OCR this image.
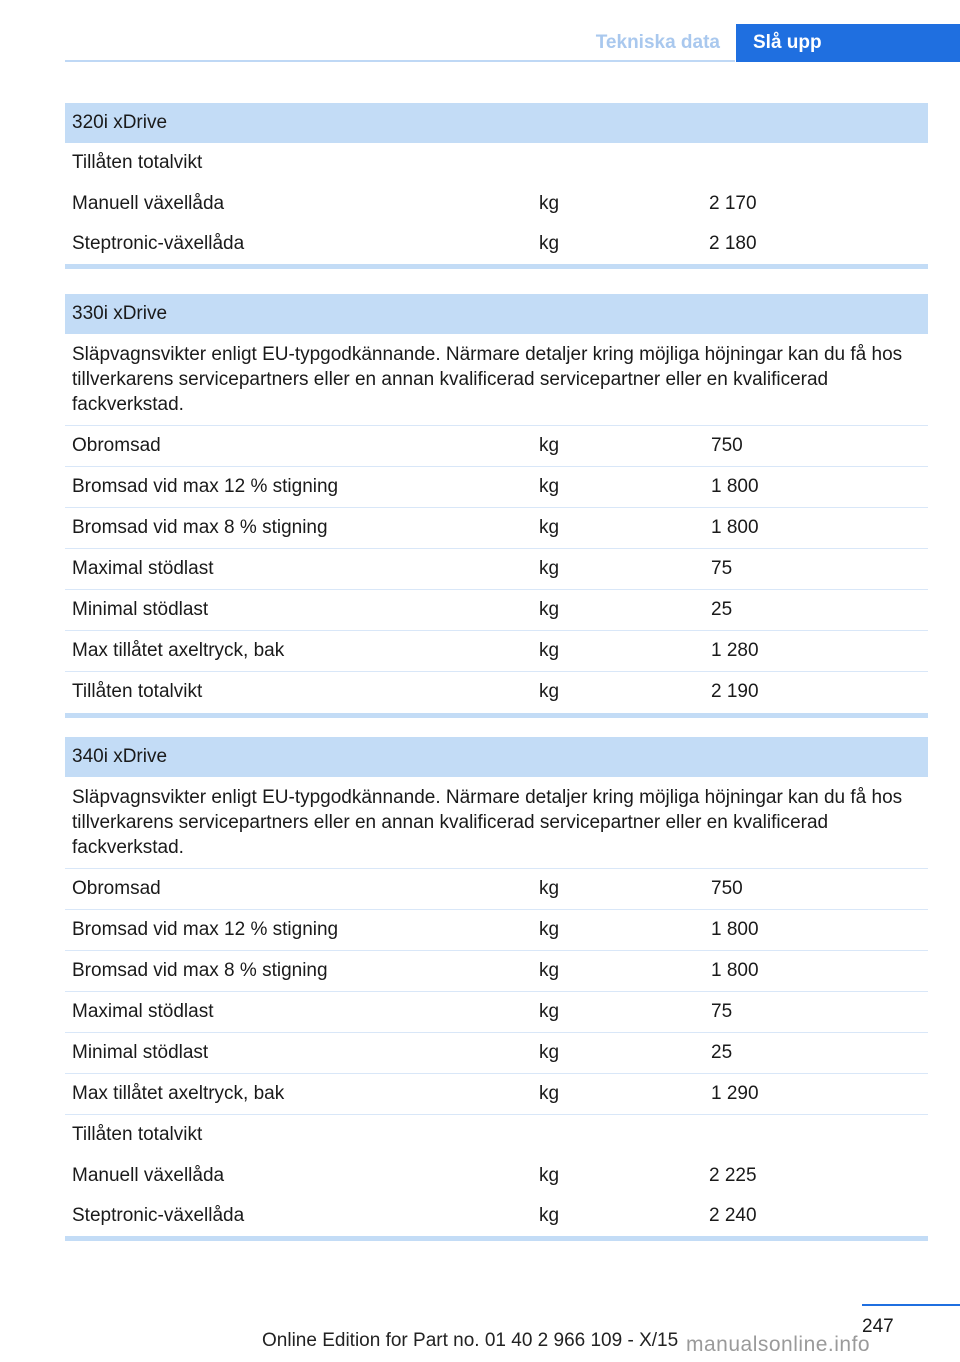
Tekniska data	Slå upp
320i xDrive
Tillåten totalvikt
Manuell växellåda	kg	2 170
Steptronic-växellåda	kg	2 180
330i xDrive
Släpvagnsvikter enligt EU-typgodkännande. Närmare detaljer kring möjliga höjningar kan du få hos tillverkarens servicepartners eller en annan kvalificerad servicepartner eller en kvalificerad fackverkstad.
Obromsad	kg	750
Bromsad vid max 12 % stigning	kg	1 800
Bromsad vid max 8 % stigning	kg	1 800
Maximal stödlast	kg	75
Minimal stödlast	kg	25
Max tillåtet axeltryck, bak	kg	1 280
Tillåten totalvikt	kg	2 190
340i xDrive
Släpvagnsvikter enligt EU-typgodkännande. Närmare detaljer kring möjliga höjningar kan du få hos tillverkarens servicepartners eller en annan kvalificerad servicepartner eller en kvalificerad fackverkstad.
Obromsad	kg	750
Bromsad vid max 12 % stigning	kg	1 800
Bromsad vid max 8 % stigning	kg	1 800
Maximal stödlast	kg	75
Minimal stödlast	kg	25
Max tillåtet axeltryck, bak	kg	1 290
Tillåten totalvikt
Manuell växellåda	kg	2 225
Steptronic-växellåda	kg	2 240
247
Online Edition for Part no. 01 40 2 966 109 - X/15 manualsonline.info
